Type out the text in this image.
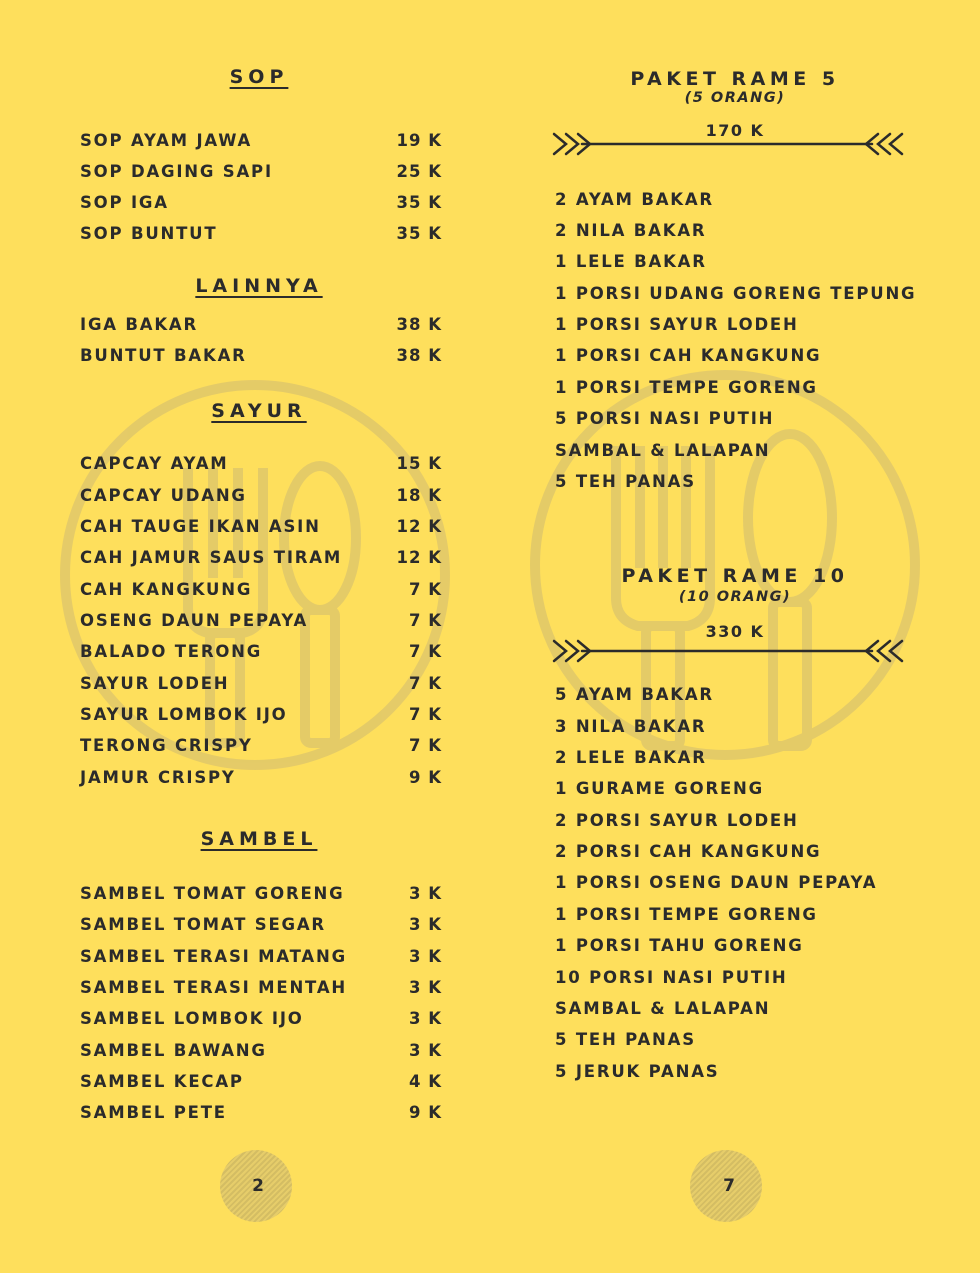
SOP
SOP AYAM JAWA	19 K
SOP DAGING SAPI	25 K
SOP IGA	35 K
SOP BUNTUT	35 K
LAINNYA
IGA BAKAR	38 K
BUNTUT BAKAR	38 K
SAYUR
CAPCAY AYAM	15 K
CAPCAY UDANG	18 K
CAH TAUGE IKAN ASIN	12 K
CAH JAMUR SAUS TIRAM	12 K
CAH KANGKUNG	7 K
OSENG DAUN PEPAYA	7 K
BALADO TERONG	7 K
SAYUR LODEH	7 K
SAYUR LOMBOK IJO	7 K
TERONG CRISPY	7 K
JAMUR CRISPY	9 K
SAMBEL
SAMBEL TOMAT GORENG	3 K
SAMBEL TOMAT SEGAR	3 K
SAMBEL TERASI MATANG	3 K
SAMBEL TERASI MENTAH	3 K
SAMBEL LOMBOK IJO	3 K
SAMBEL BAWANG	3 K
SAMBEL KECAP	4 K
SAMBEL PETE	9 K
2
PAKET RAME 5
(5 ORANG)
170 K
2 AYAM BAKAR
2 NILA BAKAR
1 LELE BAKAR
1 PORSI UDANG GORENG TEPUNG
1 PORSI SAYUR LODEH
1 PORSI CAH KANGKUNG
1 PORSI TEMPE GORENG
5 PORSI NASI PUTIH
SAMBAL & LALAPAN
5 TEH PANAS
PAKET RAME 10
(10 ORANG)
330 K
5 AYAM BAKAR
3 NILA BAKAR
2 LELE BAKAR
1 GURAME GORENG
2 PORSI SAYUR LODEH
2 PORSI CAH KANGKUNG
1 PORSI OSENG DAUN PEPAYA
1 PORSI TEMPE GORENG
1 PORSI TAHU GORENG
10 PORSI NASI PUTIH
SAMBAL & LALAPAN
5 TEH PANAS
5 JERUK PANAS
7
